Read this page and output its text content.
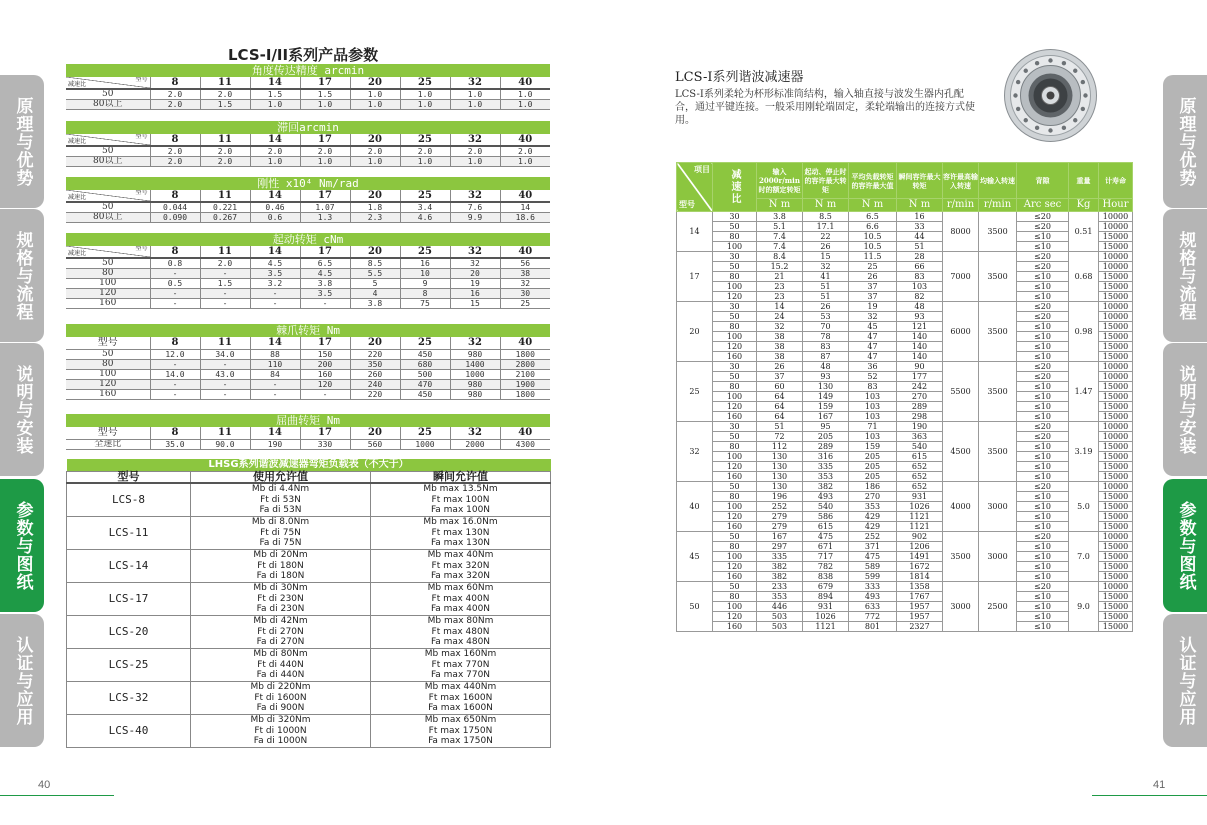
原理与优势
规格与流程
说明与安装
参数与图纸
认证与应用
原理与优势
规格与流程
说明与安装
参数与图纸
认证与应用
LCS-I/II系列产品参数
角度传达精度 arcmin								

型号
减速比	8	11	14	17	20	25	32	40
50	2.0	2.0	1.5	1.5	1.0	1.0	1.0	1.0
80以上	2.0	1.5	1.0	1.0	1.0	1.0	1.0	1.0
滞回arcmin								

型号
减速比	8	11	14	17	20	25	32	40
50	2.0	2.0	2.0	2.0	2.0	2.0	2.0	2.0
80以上	2.0	2.0	1.0	1.0	1.0	1.0	1.0	1.0
刚性 x10⁴ Nm/rad								

型号
减速比	8	11	14	17	20	25	32	40
50	0.044	0.221	0.46	1.07	1.8	3.4	7.6	14
80以上	0.090	0.267	0.6	1.3	2.3	4.6	9.9	18.6
起动转矩 cNm								

型号
减速比	8	11	14	17	20	25	32	40
50	0.8	2.0	4.5	6.5	8.5	16	32	56
80	-	-	3.5	4.5	5.5	10	20	38
100	0.5	1.5	3.2	3.8	5	9	19	32
120	-	-	-	3.5	4	8	16	30
160	-	-	-	-	3.8	75	15	25
棘爪转矩 Nm								
型号	8	11	14	17	20	25	32	40
50	12.0	34.0	88	150	220	450	980	1800
80	-	-	110	200	350	680	1400	2800
100	14.0	43.0	84	160	260	500	1000	2100
120	-	-	-	120	240	470	980	1900
160	-	-	-	-	220	450	980	1800
屈曲转矩 Nm								
型号	8	11	14	17	20	25	32	40
全速比	35.0	90.0	190	330	560	1000	2000	4300
LHSG系列谐波减速器弯矩负载表（不大于）		
型号	使用允许值	瞬间允许值
LCS-8	Mb di 4.4Nm	Mb max 13.5Nm
	Ft di 53N	Ft max 100N
	Fa di 53N	Fa max 100N
LCS-11	Mb di 8.0Nm	Mb max 16.0Nm
	Ft di 75N	Ft max 130N
	Fa di 75N	Fa max 130N
LCS-14	Mb di 20Nm	Mb max 40Nm
	Ft di 180N	Ft max 320N
	Fa di 180N	Fa max 320N
LCS-17	Mb di 30Nm	Mb max 60Nm
	Ft di 230N	Ft max 400N
	Fa di 230N	Fa max 400N
LCS-20	Mb di 42Nm	Mb max 80Nm
	Ft di 270N	Ft max 480N
	Fa di 270N	Fa max 480N
LCS-25	Mb di 80Nm	Mb max 160Nm
	Ft di 440N	Ft max 770N
	Fa di 440N	Fa max 770N
LCS-32	Mb di 220Nm	Mb max 440Nm
	Ft di 1600N	Ft max 1600N
	Fa di 900N	Fa max 1600N
LCS-40	Mb di 320Nm	Mb max 650Nm
	Ft di 1000N	Ft max 1750N
	Fa di 1000N	Fa max 1750N
40
LCS-I系列谐波减速器
LCS-I系列柔轮为杯形标准筒结构，输入轴直接与波发生器内孔配合，通过平键连接。一般采用刚轮端固定，柔轮端输出的连接方式使用。
项目
型号	减速比	输入2000r/min 时的额定转矩	起动、停止时的容许最大转矩	平均负载转矩的容许最大值	瞬间容许最大转矩	容许最高输入转速	均输入转速	背隙	重量	计寿命
		N m	N m	N m	N m	r/min	r/min	Arc sec	Kg	Hour
14	30	3.8	8.5	6.5	16	8000	3500	≤20	0.51	10000
	50	5.1	17.1	6.6	33			≤20		10000
	80	7.4	22	10.5	44			≤10		15000
	100	7.4	26	10.5	51			≤10		15000
17	30	8.4	15	11.5	28	7000	3500	≤20	0.68	10000
	50	15.2	32	25	66			≤20		10000
	80	21	41	26	83			≤10		15000
	100	23	51	37	103			≤10		15000
	120	23	51	37	82			≤10		15000
20	30	14	26	19	48	6000	3500	≤20	0.98	10000
	50	24	53	32	93			≤20		10000
	80	32	70	45	121			≤10		15000
	100	38	78	47	140			≤10		15000
	120	38	83	47	140			≤10		15000
	160	38	87	47	140			≤10		15000
25	30	26	48	36	90	5500	3500	≤20	1.47	10000
	50	37	93	52	177			≤20		10000
	80	60	130	83	242			≤10		15000
	100	64	149	103	270			≤10		15000
	120	64	159	103	289			≤10		15000
	160	64	167	103	298			≤10		15000
32	30	51	95	71	190	4500	3500	≤20	3.19	10000
	50	72	205	103	363			≤20		10000
	80	112	289	159	540			≤10		15000
	100	130	316	205	615			≤10		15000
	120	130	335	205	652			≤10		15000
	160	130	353	205	652			≤10		15000
40	50	130	382	186	652	4000	3000	≤20	5.0	10000
	80	196	493	270	931			≤10		15000
	100	252	540	353	1026			≤10		15000
	120	279	586	429	1121			≤10		15000
	160	279	615	429	1121			≤10		15000
45	50	167	475	252	902	3500	3000	≤20	7.0	10000
	80	297	671	371	1206			≤10		15000
	100	335	717	475	1491			≤10		15000
	120	382	782	589	1672			≤10		15000
	160	382	838	599	1814			≤10		15000
50	50	233	679	333	1358	3000	2500	≤20	9.0	10000
	80	353	894	493	1767			≤10		15000
	100	446	931	633	1957			≤10		15000
	120	503	1026	772	1957			≤10		15000
	160	503	1121	801	2327			≤10		15000
41
